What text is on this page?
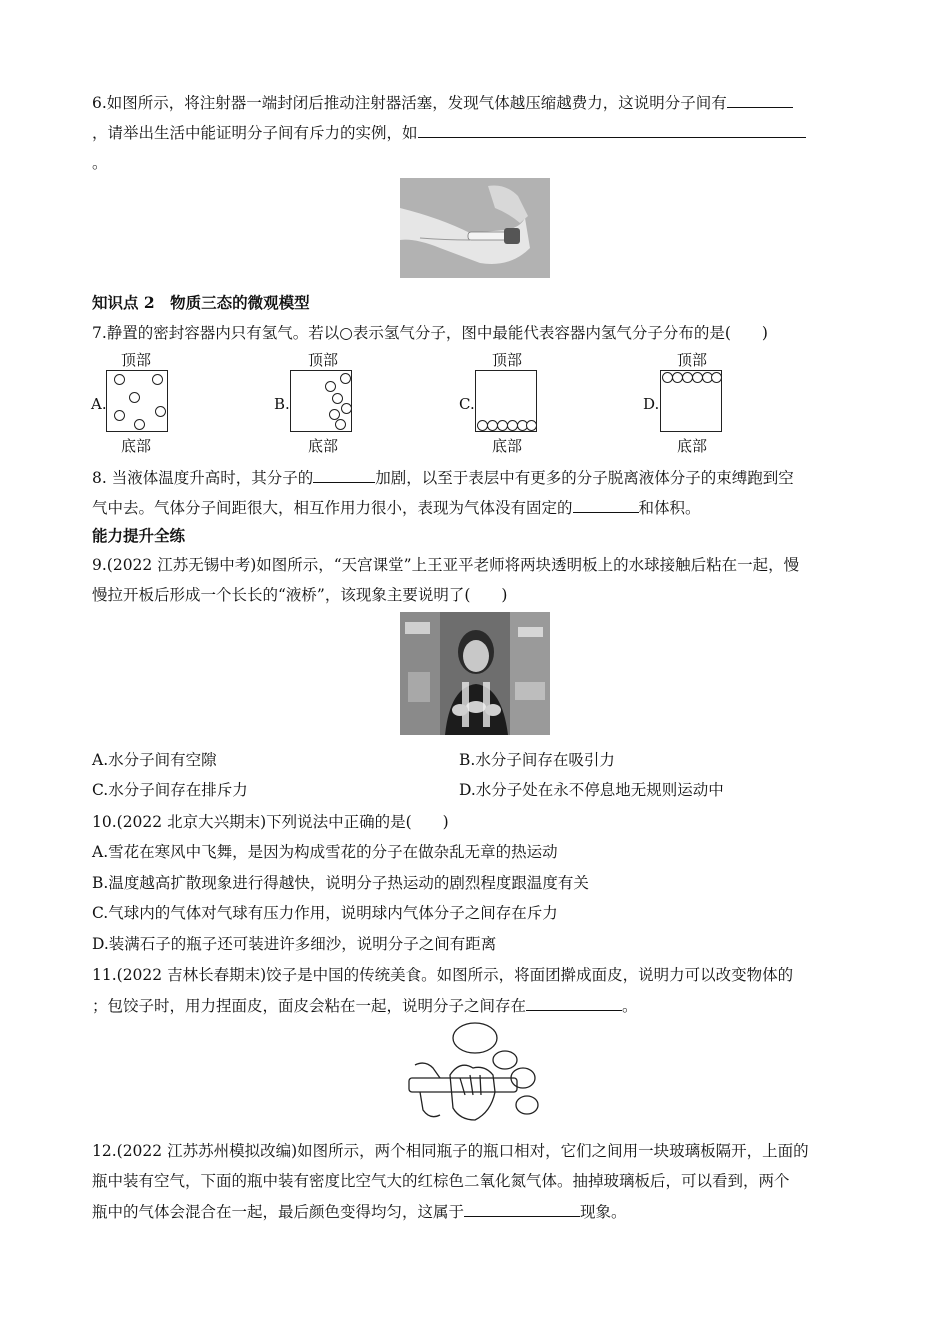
6.如图所示，将注射器一端封闭后推动注射器活塞，发现气体越压缩越费力，这说明分子间有
，请举出生活中能证明分子间有斥力的实例，如
。
知识点 2　物质三态的微观模型
7.静置的密封容器内只有氢气。若以○表示氢气分子，图中最能代表容器内氢气分子分布的是(　　)
顶部
A.
底部
顶部
B.
底部
顶部
C.
底部
顶部
D.
底部
8. 当液体温度升高时，其分子的	加剧，以至于表层中有更多的分子脱离液体分子的束缚跑到空
气中去。气体分子间距很大，相互作用力很小，表现为气体没有固定的	和体积。
能力提升全练
9.(2022 江苏无锡中考)如图所示，“天宫课堂”上王亚平老师将两块透明板上的水球接触后粘在一起，慢
慢拉开板后形成一个长长的“液桥”，该现象主要说明了(　　)
A.水分子间有空隙	B.水分子间存在吸引力
C.水分子间存在排斥力	D.水分子处在永不停息地无规则运动中
10.(2022 北京大兴期末)下列说法中正确的是(　　)
A.雪花在寒风中飞舞，是因为构成雪花的分子在做杂乱无章的热运动
B.温度越高扩散现象进行得越快，说明分子热运动的剧烈程度跟温度有关
C.气球内的气体对气球有压力作用，说明球内气体分子之间存在斥力
D.装满石子的瓶子还可装进许多细沙，说明分子之间有距离
11.(2022 吉林长春期末)饺子是中国的传统美食。如图所示，将面团擀成面皮，说明力可以改变物体的
；包饺子时，用力捏面皮，面皮会粘在一起，说明分子之间存在	。
12.(2022 江苏苏州模拟改编)如图所示，两个相同瓶子的瓶口相对，它们之间用一块玻璃板隔开，上面的
瓶中装有空气，下面的瓶中装有密度比空气大的红棕色二氧化氮气体。抽掉玻璃板后，可以看到，两个
瓶中的气体会混合在一起，最后颜色变得均匀，这属于	现象。
